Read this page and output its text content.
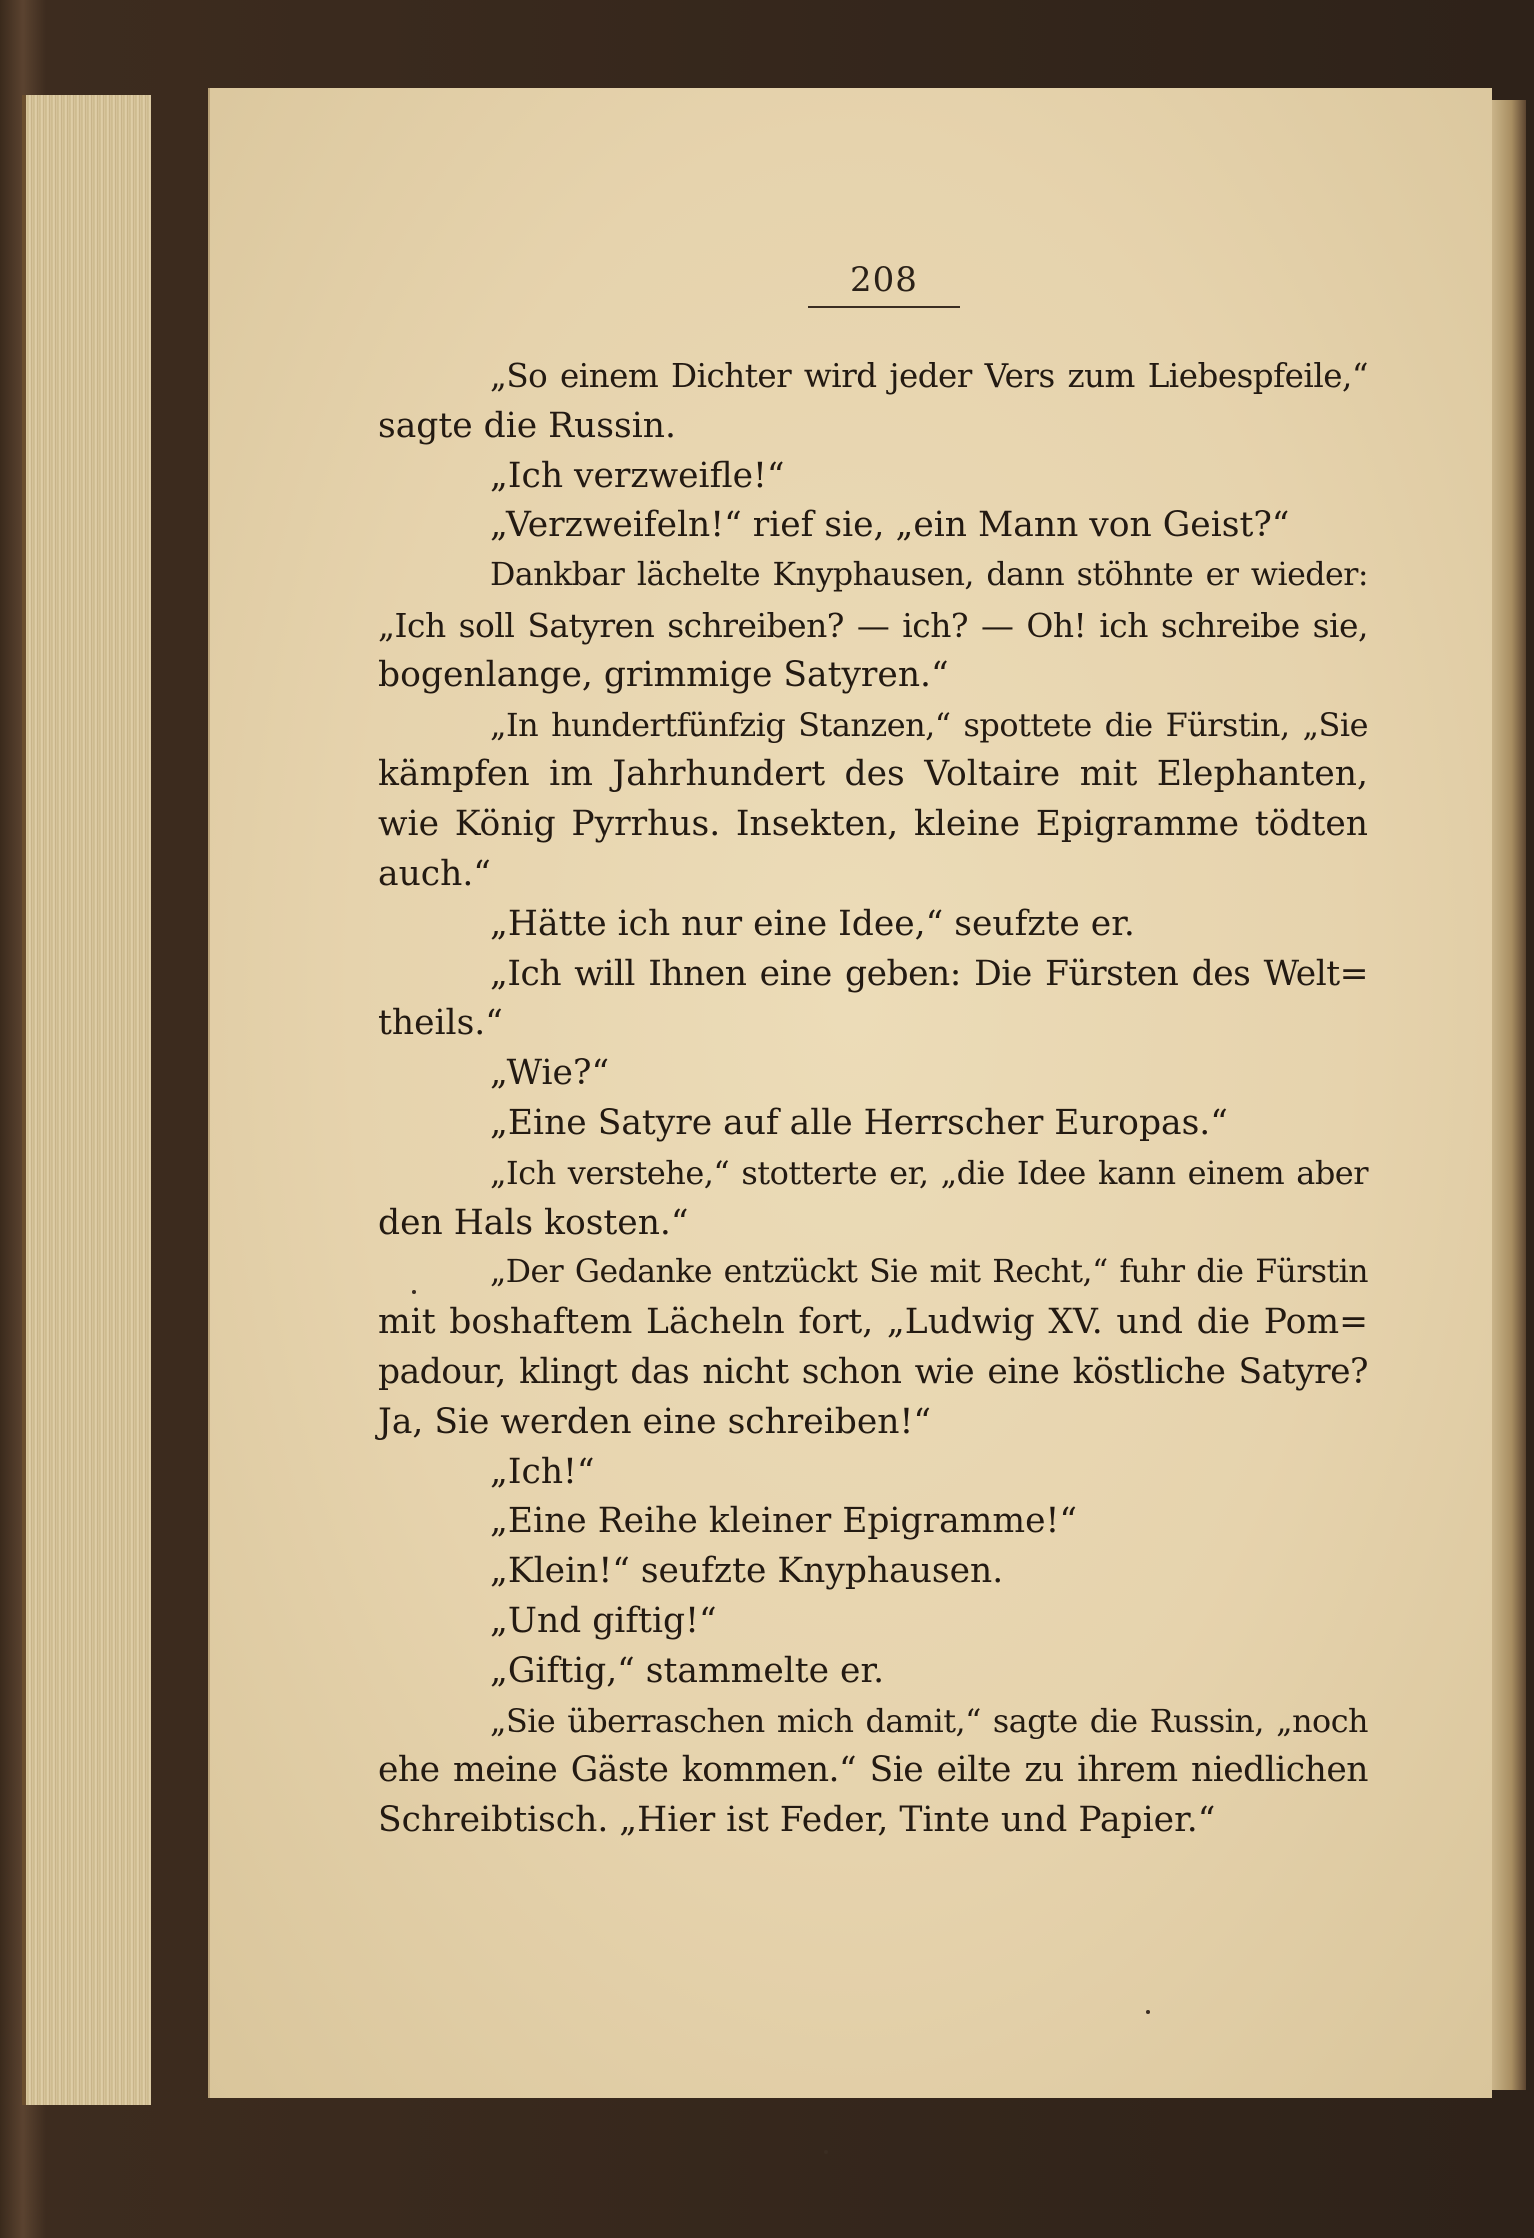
208
„So einem Dichter wird jeder Vers zum Liebespfeile,“
sagte die Russin.
„Ich verzweifle!“
„Verzweifeln!“ rief sie, „ein Mann von Geist?“
Dankbar lächelte Knyphausen, dann stöhnte er wieder:
„Ich soll Satyren schreiben? — ich? — Oh! ich schreibe sie,
bogenlange, grimmige Satyren.“
„In hundertfünfzig Stanzen,“ spottete die Fürstin, „Sie
kämpfen im Jahrhundert des Voltaire mit Elephanten,
wie König Pyrrhus. Insekten, kleine Epigramme tödten
auch.“
„Hätte ich nur eine Idee,“ seufzte er.
„Ich will Ihnen eine geben: Die Fürsten des Welt=
theils.“
„Wie?“
„Eine Satyre auf alle Herrscher Europas.“
„Ich verstehe,“ stotterte er, „die Idee kann einem aber
den Hals kosten.“
„Der Gedanke entzückt Sie mit Recht,“ fuhr die Fürstin
mit boshaftem Lächeln fort, „Ludwig XV. und die Pom=
padour, klingt das nicht schon wie eine köstliche Satyre?
Ja, Sie werden eine schreiben!“
„Ich!“
„Eine Reihe kleiner Epigramme!“
„Klein!“ seufzte Knyphausen.
„Und giftig!“
„Giftig,“ stammelte er.
„Sie überraschen mich damit,“ sagte die Russin, „noch
ehe meine Gäste kommen.“ Sie eilte zu ihrem niedlichen
Schreibtisch. „Hier ist Feder, Tinte und Papier.“
